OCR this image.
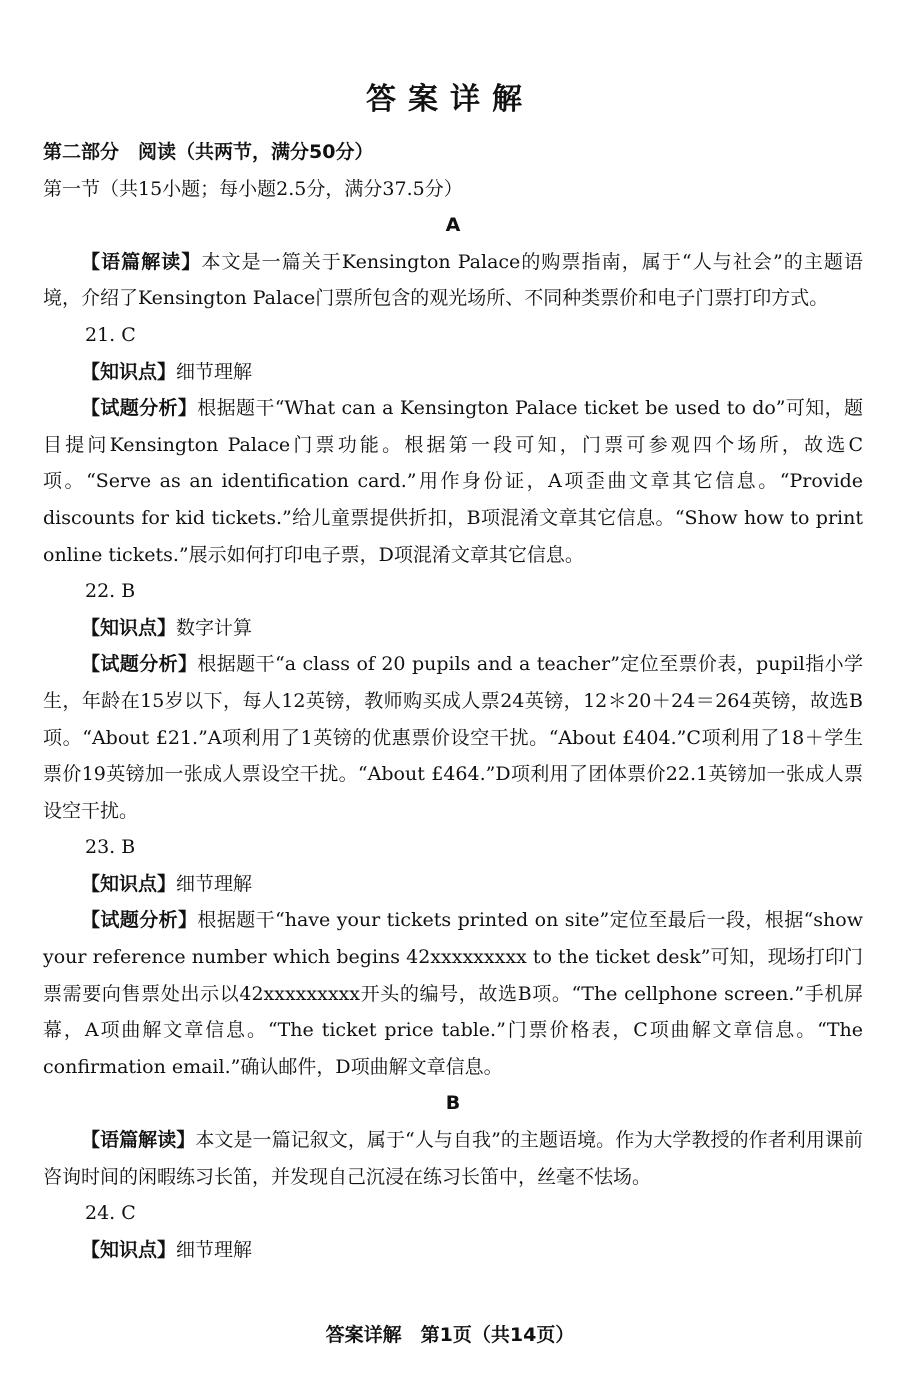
答案详解
第二部分　阅读（共两节，满分50分）
第一节（共15小题；每小题2.5分，满分37.5分）
A
【语篇解读】本文是一篇关于Kensington Palace的购票指南，属于“人与社会”的主题语境，介绍了Kensington Palace门票所包含的观光场所、不同种类票价和电子门票打印方式。
21. C
【知识点】细节理解
【试题分析】根据题干“What can a Kensington Palace ticket be used to do”可知，题目提问Kensington Palace门票功能。根据第一段可知，门票可参观四个场所，故选C项。“Serve as an identification card.”用作身份证，A项歪曲文章其它信息。“Provide discounts for kid tickets.”给儿童票提供折扣，B项混淆文章其它信息。“Show how to print online tickets.”展示如何打印电子票，D项混淆文章其它信息。
22. B
【知识点】数字计算
【试题分析】根据题干“a class of 20 pupils and a teacher”定位至票价表，pupil指小学生，年龄在15岁以下，每人12英镑，教师购买成人票24英镑，12＊20＋24＝264英镑，故选B项。“About £21.”A项利用了1英镑的优惠票价设空干扰。“About £404.”C项利用了18＋学生票价19英镑加一张成人票设空干扰。“About £464.”D项利用了团体票价22.1英镑加一张成人票设空干扰。
23. B
【知识点】细节理解
【试题分析】根据题干“have your tickets printed on site”定位至最后一段，根据“show your reference number which begins 42xxxxxxxxx to the ticket desk”可知，现场打印门票需要向售票处出示以42xxxxxxxxx开头的编号，故选B项。“The cellphone screen.”手机屏幕，A项曲解文章信息。“The ticket price table.”门票价格表，C项曲解文章信息。“The confirmation email.”确认邮件，D项曲解文章信息。
B
【语篇解读】本文是一篇记叙文，属于“人与自我”的主题语境。作为大学教授的作者利用课前咨询时间的闲暇练习长笛，并发现自己沉浸在练习长笛中，丝毫不怯场。
24. C
【知识点】细节理解
答案详解　第1页（共14页）
